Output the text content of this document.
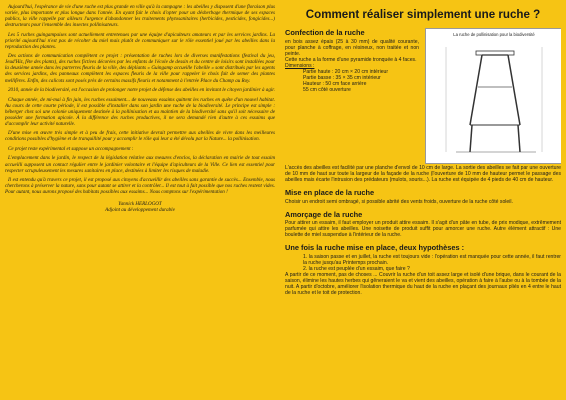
Aujourd'hui, l'espérance de vie d'une ruche est plus grande en ville qu'à la campagne : les abeilles y disposent d'une floraison plus variée, plus importante et plus longue dans l'année. En ayant fait le choix d'opter pour un désherbage thermique de ses espaces publics, la ville rappelle par ailleurs l'urgence d'abandonner les traitements phytosanitaires (herbicides, pesticides, fongicides...) destructeurs pour l'ensemble des insectes pollinisateurs.

Les 5 ruches guingampaises sont actuellement entretenues par une équipe d'apiculteurs amateurs et par les services jardins. La priorité aujourd'hui n'est pas de récolter du miel mais plutôt de communiquer sur le rôle essentiel joué par les abeilles dans la reproduction des plantes.

Des actions de communication complètent ce projet : présentation de ruches lors de diverses manifestations (festival du jeu, Jeud'Hiz, fête des plants), des ruches fictives décorées par les enfants de l'école de dessin et du centre de loisirs sont installées pour la deuxième année dans les parterres fleuris de la ville, des dépliants « Guingamp accueille l'abeille » sont distribués par les agents des services jardins, des panneaux complètent les espaces fleuris de la ville pour rappeler le choix fait de semer des plantes mellifères. Enfin, des calicots sont posés près de certains massifs fleuris et notamment à l'entrée Place du Champ au Roy.

2010, année de la biodiversité, est l'occasion de prolonger notre projet de défense des abeilles en invitant le citoyen jardinier à agir.

Chaque année, de mi-mai à fin juin, les ruches essaiment... de nouveaux essaims quittent les ruches en quête d'un nouvel habitat. Au cours de cette courte période, il est possible d'installer dans son jardin une ruche de la biodiversité. Le principe est simple : héberger chez soi une colonie uniquement destinée à la pollinisation et au maintien de la biodiversité sans qu'il soit nécessaire de posséder une formation apicole. À la différence des ruches productives, il ne sera demandé rien d'autre à ces essaims que d'accomplir leur activité naturelle.

D'une mise en œuvre très simple et à peu de frais, cette initiative devrait permettre aux abeilles de vivre dans les meilleures conditions possibles d'hygiène et de tranquillité pour y accomplir le rôle qui leur a été dévolu par la Nature... la pollinisation.

Ce projet reste expérimental et suppose un accompagnement :

L'emplacement dans le jardin, le respect de la législation relative aux mesures d'enclos, la déclaration en mairie de tout essaim accueilli supposent un contact régulier entre le jardinier volontaire et l'équipe d'apiculteurs de la Ville. Ce lien est essentiel pour respecter scrupuleusement les mesures sanitaires en place, destinées à limiter les risques de maladie.

Il est entendu qu'à travers ce projet, il est proposé aux citoyens d'accueillir des abeilles sans garantie de succès... Ensemble, nous chercherons à préserver la nature, sans pour autant se attirer et la contrôler... Il est tout à fait possible que nos ruches restent vides. Pour autant, nous aurons proposé des habitats possibles aux essaims... Nous comptons sur l'expérimentation !

Yannick HERLOGOT
Adjoint au développement durable
Comment réaliser simplement une ruche ?
Confection de la ruche

en bois assez épais (25 à 30 mm) de qualité courante, pour planche à coffrage, en résineux, non traitée et non peinte.

Cette ruche a la forme d'une pyramide tronquée à 4 faces.

Dimensions :

Partie haute : 20 cm × 20 cm intérieur

Partie basse : 35 × 35 cm intérieur

Hauteur : 50 cm face arrière

55 cm côté ouverture

La ruche de pollinisation pour la biodiversité

L'accès des abeilles est facilité par une planche d'envol de 10 cm de large. La sortie des abeilles se fait par une ouverture de 10 mm de haut sur toute la largeur de la façade de la ruche (l'ouverture de 10 mm de hauteur permet le passage des abeilles mais écarte l'intrusion des prédateurs (mulots, souris...). La ruche est équipée de 4 pieds de 40 cm de hauteur.

Mise en place de la ruche

Choisir un endroit semi ombragé, si possible abrité des vents froids, ouverture de la ruche côté soleil.

Amorçage de la ruche

Pour attirer un essaim, il faut employer un produit attire essaim. Il s'agit d'un pâte en tube, de prix modique, extrêmement parfumée qui attire les abeilles. Une noisette de produit suffit pour amorcer une ruche. Autre élément attractif : Une boulette de miel suspendue à l'intérieur de la ruche.

Une fois la ruche mise en place, deux hypothèses :

1. la saison passe et en juillet, la ruche est toujours vide : l'opération est manquée pour cette année, il faut rentrer la ruche jusqu'au Printemps prochain.

2. la ruche est peuplée d'un essaim, que faire ?

A partir de ce moment, pas de choses ... Couvrir la ruche d'un toit assez large et isolé d'une brique, dans le courant de la saison, élimine les hautes herbes qui gêneraient le va et vient des abeilles, opération à faire à l'aube ou à la tombée de la nuit. A partir d'octobre, améliorer l'isolation thermique du haut de la ruche en plaçant des journaux pliés en 4 entre le haut de la ruche et le toit de protection.
